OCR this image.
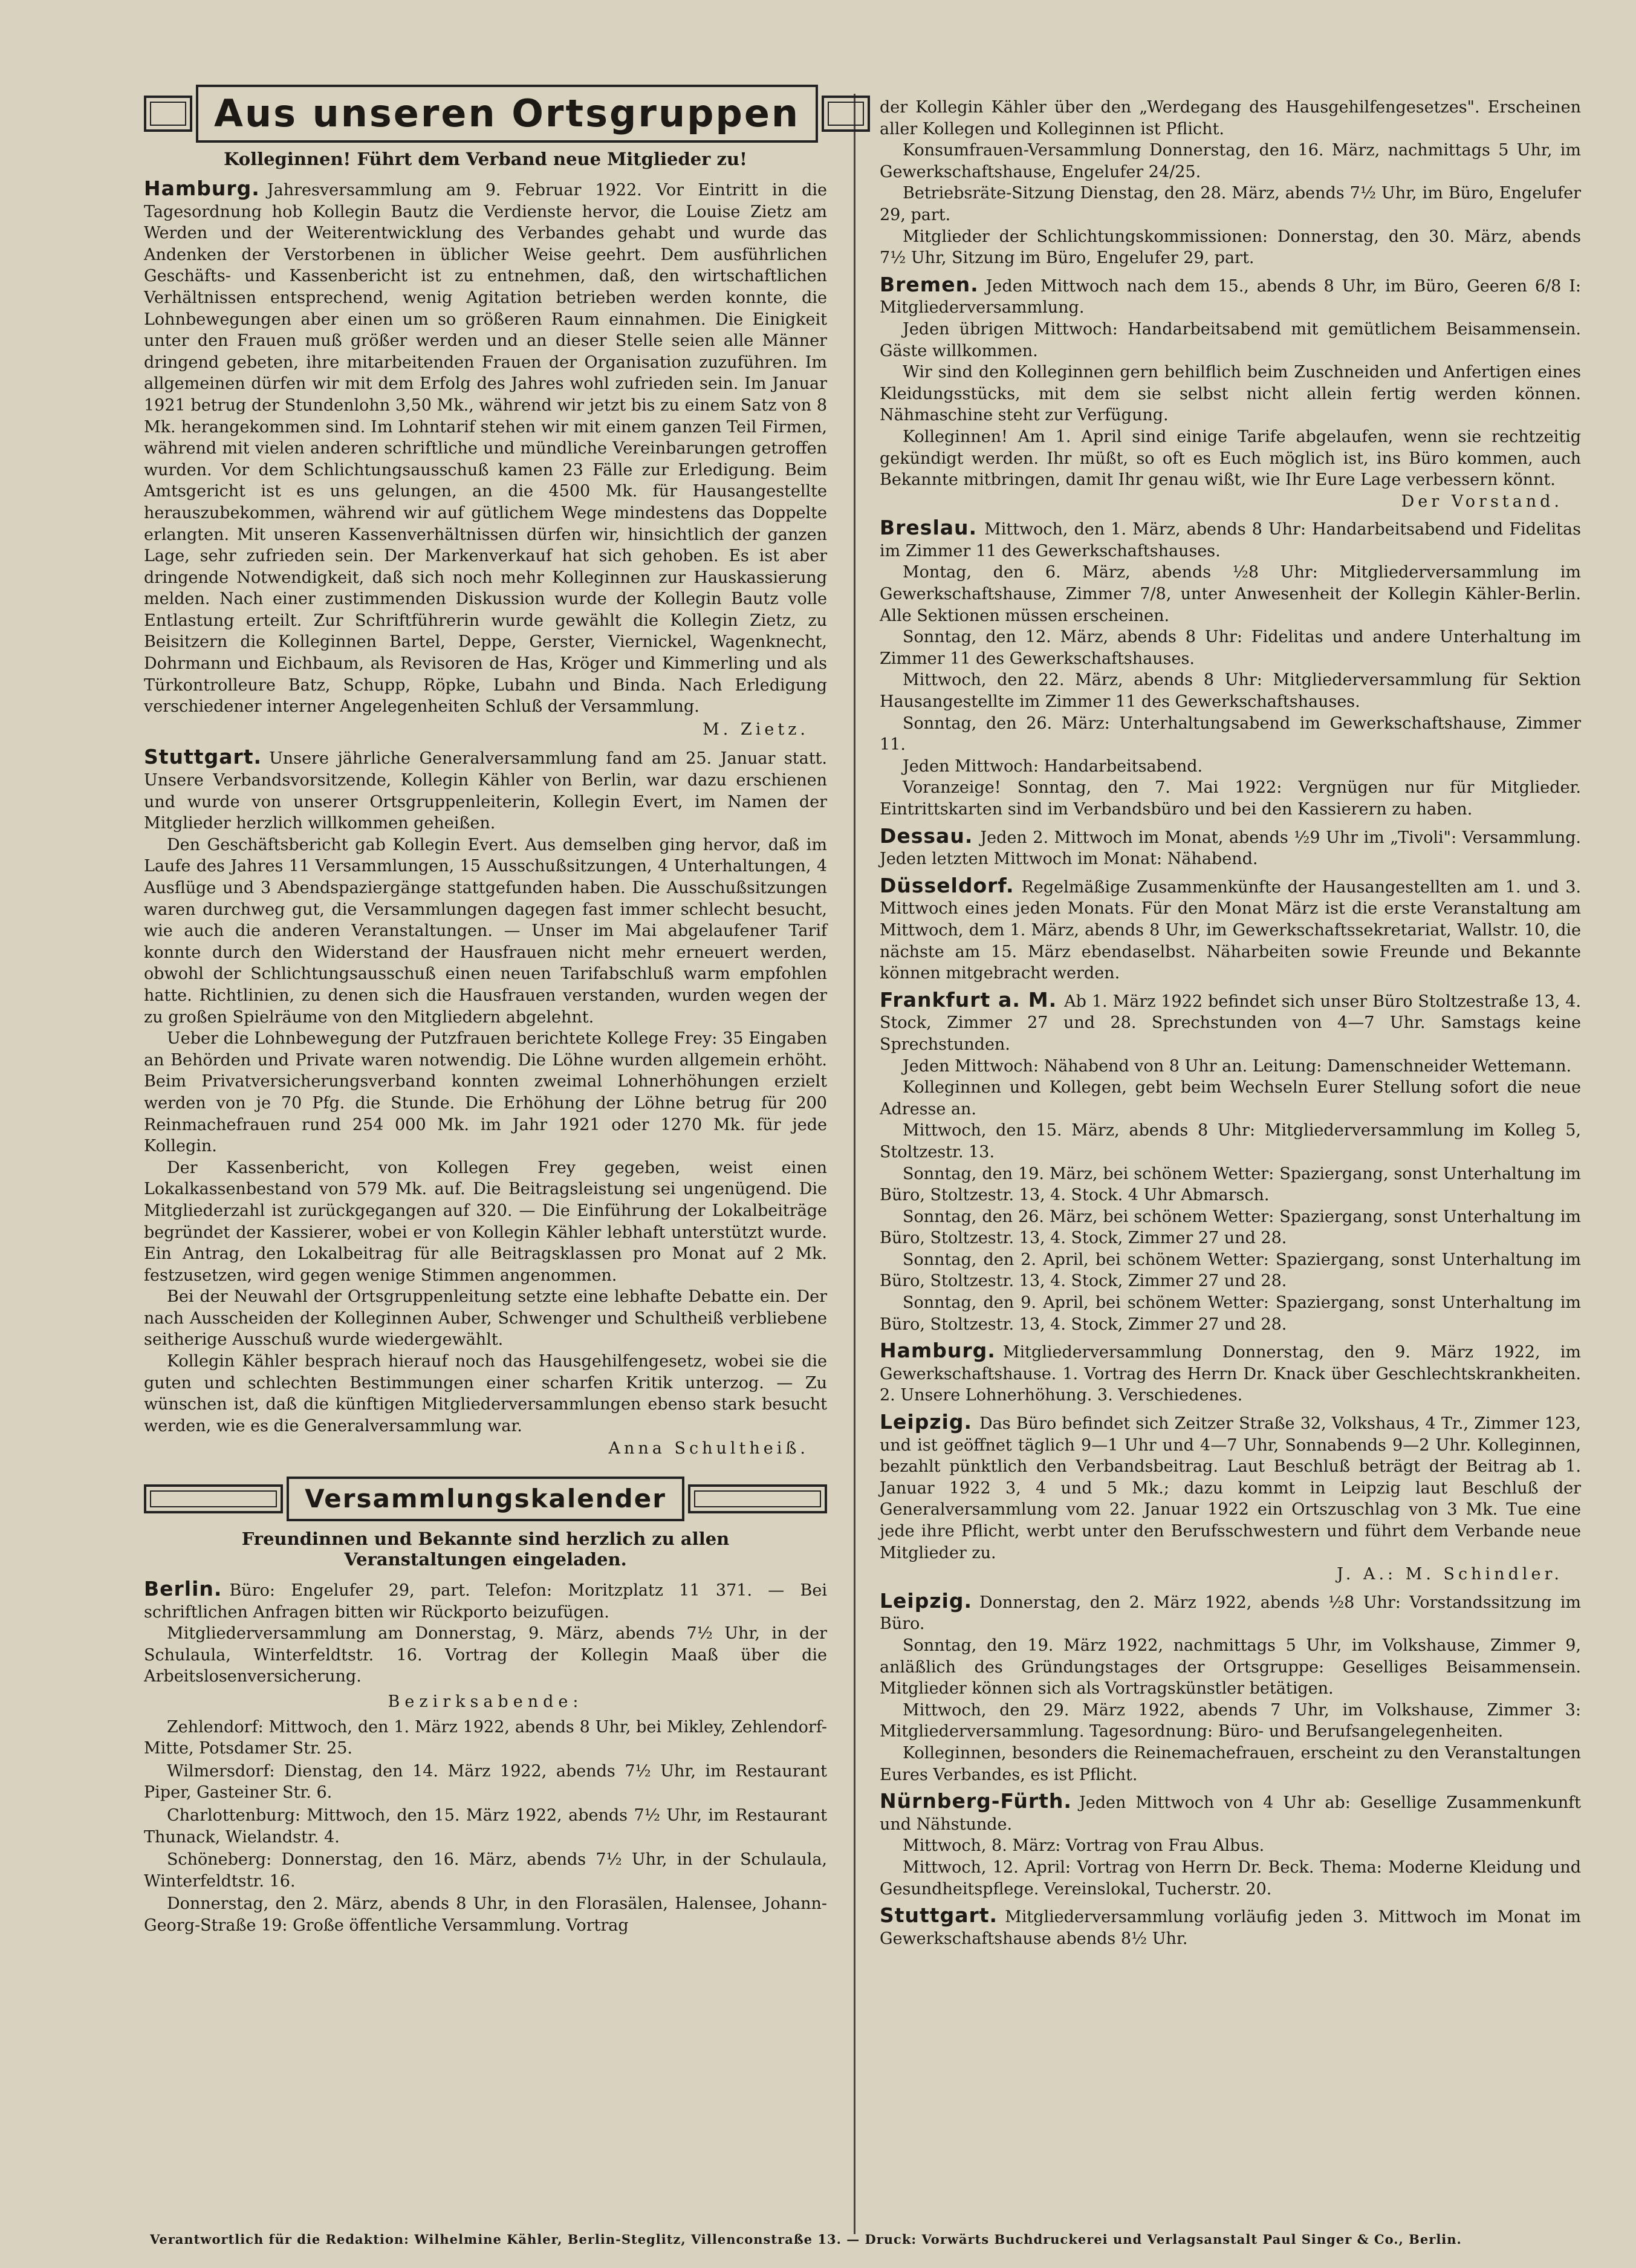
Aus unseren Ortsgruppen
Kolleginnen! Führt dem Verband neue Mitglieder zu!

Hamburg. Jahresversammlung am 9. Februar 1922. Vor Eintritt in die Tagesordnung hob Kollegin Bautz die Verdienste hervor, die Louise Zietz am Werden und der Weiterentwicklung des Verbandes gehabt und wurde das Andenken der Verstorbenen in üblicher Weise geehrt. Dem ausführlichen Geschäfts- und Kassenbericht ist zu entnehmen, daß, den wirtschaftlichen Verhältnissen entsprechend, wenig Agitation betrieben werden konnte, die Lohnbewegungen aber einen um so größeren Raum einnahmen. Die Einigkeit unter den Frauen muß größer werden und an dieser Stelle seien alle Männer dringend gebeten, ihre mitarbeitenden Frauen der Organisation zuzuführen. Im allgemeinen dürfen wir mit dem Erfolg des Jahres wohl zufrieden sein. Im Januar 1921 betrug der Stundenlohn 3,50 Mk., während wir jetzt bis zu einem Satz von 8 Mk. herangekommen sind. Im Lohntarif stehen wir mit einem ganzen Teil Firmen, während mit vielen anderen schriftliche und mündliche Vereinbarungen getroffen wurden. Vor dem Schlichtungsausschuß kamen 23 Fälle zur Erledigung. Beim Amtsgericht ist es uns gelungen, an die 4500 Mk. für Hausangestellte herauszubekommen, während wir auf gütlichem Wege mindestens das Doppelte erlangten. Mit unseren Kassenverhältnissen dürfen wir, hinsichtlich der ganzen Lage, sehr zufrieden sein. Der Markenverkauf hat sich gehoben. Es ist aber dringende Notwendigkeit, daß sich noch mehr Kolleginnen zur Hauskassierung melden. Nach einer zustimmenden Diskussion wurde der Kollegin Bautz volle Entlastung erteilt. Zur Schriftführerin wurde gewählt die Kollegin Zietz, zu Beisitzern die Kolleginnen Bartel, Deppe, Gerster, Viernickel, Wagenknecht, Dohrmann und Eichbaum, als Revisoren de Has, Kröger und Kimmerling und als Türkontrolleure Batz, Schupp, Röpke, Lubahn und Binda. Nach Erledigung verschiedener interner Angelegenheiten Schluß der Versammlung.

M. Zietz.

Stuttgart. Unsere jährliche Generalversammlung fand am 25. Januar statt. Unsere Verbandsvorsitzende, Kollegin Kähler von Berlin, war dazu erschienen und wurde von unserer Ortsgruppenleiterin, Kollegin Evert, im Namen der Mitglieder herzlich willkommen geheißen.

Den Geschäftsbericht gab Kollegin Evert. Aus demselben ging hervor, daß im Laufe des Jahres 11 Versammlungen, 15 Ausschußsitzungen, 4 Unterhaltungen, 4 Ausflüge und 3 Abendspaziergänge stattgefunden haben. Die Ausschußsitzungen waren durchweg gut, die Versammlungen dagegen fast immer schlecht besucht, wie auch die anderen Veranstaltungen. — Unser im Mai abgelaufener Tarif konnte durch den Widerstand der Hausfrauen nicht mehr erneuert werden, obwohl der Schlichtungsausschuß einen neuen Tarifabschluß warm empfohlen hatte. Richtlinien, zu denen sich die Hausfrauen verstanden, wurden wegen der zu großen Spielräume von den Mitgliedern abgelehnt.

Ueber die Lohnbewegung der Putzfrauen berichtete Kollege Frey: 35 Eingaben an Behörden und Private waren notwendig. Die Löhne wurden allgemein erhöht. Beim Privatversicherungsverband konnten zweimal Lohnerhöhungen erzielt werden von je 70 Pfg. die Stunde. Die Erhöhung der Löhne betrug für 200 Reinmachefrauen rund 254 000 Mk. im Jahr 1921 oder 1270 Mk. für jede Kollegin.

Der Kassenbericht, von Kollegen Frey gegeben, weist einen Lokalkassenbestand von 579 Mk. auf. Die Beitragsleistung sei ungenügend. Die Mitgliederzahl ist zurückgegangen auf 320. — Die Einführung der Lokalbeiträge begründet der Kassierer, wobei er von Kollegin Kähler lebhaft unterstützt wurde. Ein Antrag, den Lokalbeitrag für alle Beitragsklassen pro Monat auf 2 Mk. festzusetzen, wird gegen wenige Stimmen angenommen.

Bei der Neuwahl der Ortsgruppenleitung setzte eine lebhafte Debatte ein. Der nach Ausscheiden der Kolleginnen Auber, Schwenger und Schultheiß verbliebene seitherige Ausschuß wurde wiedergewählt.

Kollegin Kähler besprach hierauf noch das Hausgehilfengesetz, wobei sie die guten und schlechten Bestimmungen einer scharfen Kritik unterzog. — Zu wünschen ist, daß die künftigen Mitgliederversammlungen ebenso stark besucht werden, wie es die Generalversammlung war.

Anna Schultheiß.
Versammlungskalender
Freundinnen und Bekannte sind herzlich zu allen Veranstaltungen eingeladen.

Berlin. Büro: Engelufer 29, part. Telefon: Moritzplatz 11 371. — Bei schriftlichen Anfragen bitten wir Rückporto beizufügen.

Mitgliederversammlung am Donnerstag, 9. März, abends 7½ Uhr, in der Schulaula, Winterfeldtstr. 16. Vortrag der Kollegin Maaß über die Arbeitslosenversicherung.

Bezirksabende:

Zehlendorf: Mittwoch, den 1. März 1922, abends 8 Uhr, bei Mikley, Zehlendorf-Mitte, Potsdamer Str. 25.

Wilmersdorf: Dienstag, den 14. März 1922, abends 7½ Uhr, im Restaurant Piper, Gasteiner Str. 6.

Charlottenburg: Mittwoch, den 15. März 1922, abends 7½ Uhr, im Restaurant Thunack, Wielandstr. 4.

Schöneberg: Donnerstag, den 16. März, abends 7½ Uhr, in der Schulaula, Winterfeldtstr. 16.

Donnerstag, den 2. März, abends 8 Uhr, in den Florasälen, Halensee, Johann-Georg-Straße 19: Große öffentliche Versammlung. Vortrag

der Kollegin Kähler über den „Werdegang des Hausgehilfengesetzes". Erscheinen aller Kollegen und Kolleginnen ist Pflicht.

Konsumfrauen-Versammlung Donnerstag, den 16. März, nachmittags 5 Uhr, im Gewerkschaftshause, Engelufer 24/25.

Betriebsräte-Sitzung Dienstag, den 28. März, abends 7½ Uhr, im Büro, Engelufer 29, part.

Mitglieder der Schlichtungskommissionen: Donnerstag, den 30. März, abends 7½ Uhr, Sitzung im Büro, Engelufer 29, part.

Bremen. Jeden Mittwoch nach dem 15., abends 8 Uhr, im Büro, Geeren 6/8 I: Mitgliederversammlung.

Jeden übrigen Mittwoch: Handarbeitsabend mit gemütlichem Beisammensein. Gäste willkommen.

Wir sind den Kolleginnen gern behilflich beim Zuschneiden und Anfertigen eines Kleidungsstücks, mit dem sie selbst nicht allein fertig werden können. Nähmaschine steht zur Verfügung.

Kolleginnen! Am 1. April sind einige Tarife abgelaufen, wenn sie rechtzeitig gekündigt werden. Ihr müßt, so oft es Euch möglich ist, ins Büro kommen, auch Bekannte mitbringen, damit Ihr genau wißt, wie Ihr Eure Lage verbessern könnt.

Der Vorstand.

Breslau. Mittwoch, den 1. März, abends 8 Uhr: Handarbeitsabend und Fidelitas im Zimmer 11 des Gewerkschaftshauses.

Montag, den 6. März, abends ½8 Uhr: Mitgliederversammlung im Gewerkschaftshause, Zimmer 7/8, unter Anwesenheit der Kollegin Kähler-Berlin. Alle Sektionen müssen erscheinen.

Sonntag, den 12. März, abends 8 Uhr: Fidelitas und andere Unterhaltung im Zimmer 11 des Gewerkschaftshauses.

Mittwoch, den 22. März, abends 8 Uhr: Mitgliederversammlung für Sektion Hausangestellte im Zimmer 11 des Gewerkschaftshauses.

Sonntag, den 26. März: Unterhaltungsabend im Gewerkschaftshause, Zimmer 11.

Jeden Mittwoch: Handarbeitsabend.

Voranzeige! Sonntag, den 7. Mai 1922: Vergnügen nur für Mitglieder. Eintrittskarten sind im Verbandsbüro und bei den Kassierern zu haben.

Dessau. Jeden 2. Mittwoch im Monat, abends ½9 Uhr im „Tivoli": Versammlung. Jeden letzten Mittwoch im Monat: Nähabend.

Düsseldorf. Regelmäßige Zusammenkünfte der Hausangestellten am 1. und 3. Mittwoch eines jeden Monats. Für den Monat März ist die erste Veranstaltung am Mittwoch, dem 1. März, abends 8 Uhr, im Gewerkschaftssekretariat, Wallstr. 10, die nächste am 15. März ebendaselbst. Näharbeiten sowie Freunde und Bekannte können mitgebracht werden.

Frankfurt a. M. Ab 1. März 1922 befindet sich unser Büro Stoltzestraße 13, 4. Stock, Zimmer 27 und 28. Sprechstunden von 4—7 Uhr. Samstags keine Sprechstunden.

Jeden Mittwoch: Nähabend von 8 Uhr an. Leitung: Damenschneider Wettemann.

Kolleginnen und Kollegen, gebt beim Wechseln Eurer Stellung sofort die neue Adresse an.

Mittwoch, den 15. März, abends 8 Uhr: Mitgliederversammlung im Kolleg 5, Stoltzestr. 13.

Sonntag, den 19. März, bei schönem Wetter: Spaziergang, sonst Unterhaltung im Büro, Stoltzestr. 13, 4. Stock. 4 Uhr Abmarsch.

Sonntag, den 26. März, bei schönem Wetter: Spaziergang, sonst Unterhaltung im Büro, Stoltzestr. 13, 4. Stock, Zimmer 27 und 28.

Sonntag, den 2. April, bei schönem Wetter: Spaziergang, sonst Unterhaltung im Büro, Stoltzestr. 13, 4. Stock, Zimmer 27 und 28.

Sonntag, den 9. April, bei schönem Wetter: Spaziergang, sonst Unterhaltung im Büro, Stoltzestr. 13, 4. Stock, Zimmer 27 und 28.

Hamburg. Mitgliederversammlung Donnerstag, den 9. März 1922, im Gewerkschaftshause. 1. Vortrag des Herrn Dr. Knack über Geschlechtskrankheiten. 2. Unsere Lohnerhöhung. 3. Verschiedenes.

Leipzig. Das Büro befindet sich Zeitzer Straße 32, Volkshaus, 4 Tr., Zimmer 123, und ist geöffnet täglich 9—1 Uhr und 4—7 Uhr, Sonnabends 9—2 Uhr. Kolleginnen, bezahlt pünktlich den Verbandsbeitrag. Laut Beschluß beträgt der Beitrag ab 1. Januar 1922 3, 4 und 5 Mk.; dazu kommt in Leipzig laut Beschluß der Generalversammlung vom 22. Januar 1922 ein Ortszuschlag von 3 Mk. Tue eine jede ihre Pflicht, werbt unter den Berufsschwestern und führt dem Verbande neue Mitglieder zu.

J. A.: M. Schindler.

Leipzig. Donnerstag, den 2. März 1922, abends ½8 Uhr: Vorstandssitzung im Büro.

Sonntag, den 19. März 1922, nachmittags 5 Uhr, im Volkshause, Zimmer 9, anläßlich des Gründungstages der Ortsgruppe: Geselliges Beisammensein. Mitglieder können sich als Vortragskünstler betätigen.

Mittwoch, den 29. März 1922, abends 7 Uhr, im Volkshause, Zimmer 3: Mitgliederversammlung. Tagesordnung: Büro- und Berufsangelegenheiten.

Kolleginnen, besonders die Reinemachefrauen, erscheint zu den Veranstaltungen Eures Verbandes, es ist Pflicht.

Nürnberg-Fürth. Jeden Mittwoch von 4 Uhr ab: Gesellige Zusammenkunft und Nähstunde.

Mittwoch, 8. März: Vortrag von Frau Albus.

Mittwoch, 12. April: Vortrag von Herrn Dr. Beck. Thema: Moderne Kleidung und Gesundheitspflege. Vereinslokal, Tucherstr. 20.

Stuttgart. Mitgliederversammlung vorläufig jeden 3. Mittwoch im Monat im Gewerkschaftshause abends 8½ Uhr.

Verantwortlich für die Redaktion: Wilhelmine Kähler, Berlin-Steglitz, Villenconstraße 13. — Druck: Vorwärts Buchdruckerei und Verlagsanstalt Paul Singer & Co., Berlin.
